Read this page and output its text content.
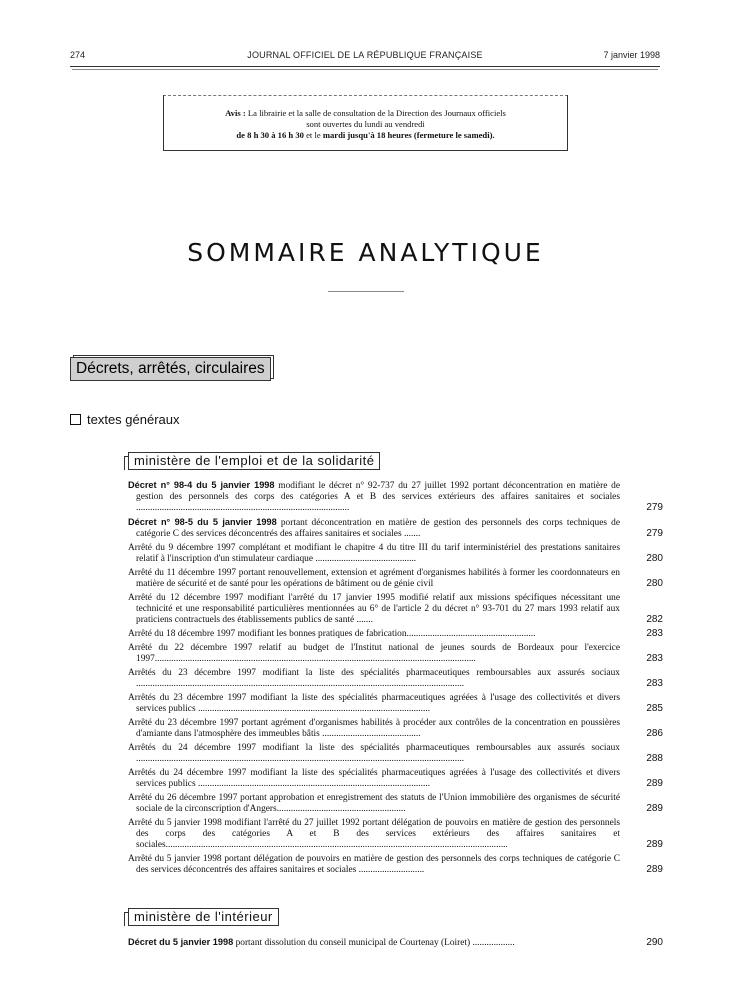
274	JOURNAL OFFICIEL DE LA RÉPUBLIQUE FRANÇAISE	7 janvier 1998
Avis : La librairie et la salle de consultation de la Direction des Journaux officiels
sont ouvertes du lundi au vendredi
de 8 h 30 à 16 h 30 et le mardi jusqu'à 18 heures (fermeture le samedi).
SOMMAIRE ANALYTIQUE
Décrets, arrêtés, circulaires
textes généraux
ministère de l'emploi et de la solidarité
Décret n° 98-4 du 5 janvier 1998 modifiant le décret n° 92-737 du 27 juillet 1992 portant déconcentration en matière de gestion des personnels des corps des catégories A et B des services extérieurs des affaires sanitaires et sociales ...........................................................................................	279
Décret n° 98-5 du 5 janvier 1998 portant déconcentration en matière de gestion des personnels des corps techniques de catégorie C des services déconcentrés des affaires sanitaires et sociales .......	279
Arrêté du 9 décembre 1997 complétant et modifiant le chapitre 4 du titre III du tarif interministériel des prestations sanitaires relatif à l'inscription d'un stimulateur cardiaque ...........................................	280
Arrêté du 11 décembre 1997 portant renouvellement, extension et agrément d'organismes habilités à former les coordonnateurs en matière de sécurité et de santé pour les opérations de bâtiment ou de génie civil	280
Arrêté du 12 décembre 1997 modifiant l'arrêté du 17 janvier 1995 modifié relatif aux missions spécifiques nécessitant une technicité et une responsabilité particulières mentionnées au 6° de l'article 2 du décret n° 93-701 du 27 mars 1993 relatif aux praticiens contractuels des établissements publics de santé .......	282
Arrêté du 18 décembre 1997 modifiant les bonnes pratiques de fabrication.......................................................	283
Arrêté du 22 décembre 1997 relatif au budget de l'Institut national de jeunes sourds de Bordeaux pour l'exercice 1997.........................................................................................................................................	283
Arrêtés du 23 décembre 1997 modifiant la liste des spécialités pharmaceutiques remboursables aux assurés sociaux ............................................................................................................................................	283
Arrêtés du 23 décembre 1997 modifiant la liste des spécialités pharmaceutiques agréées à l'usage des collectivités et divers services publics ...................................................................................................	285
Arrêté du 23 décembre 1997 portant agrément d'organismes habilités à procéder aux contrôles de la concentration en poussières d'amiante dans l'atmosphère des immeubles bâtis ..........................................	286
Arrêtés du 24 décembre 1997 modifiant la liste des spécialités pharmaceutiques remboursables aux assurés sociaux ............................................................................................................................................	288
Arrêtés du 24 décembre 1997 modifiant la liste des spécialités pharmaceutiques agréées à l'usage des collectivités et divers services publics ...................................................................................................	289
Arrêté du 26 décembre 1997 portant approbation et enregistrement des statuts de l'Union immobilière des organismes de sécurité sociale de la circonscription d'Angers.......................................................	289
Arrêté du 5 janvier 1998 modifiant l'arrêté du 27 juillet 1992 portant délégation de pouvoirs en matière de gestion des personnels des corps des catégories A et B des services extérieurs des affaires sanitaires et sociales..................................................................................................................................................	289
Arrêté du 5 janvier 1998 portant délégation de pouvoirs en matière de gestion des personnels des corps techniques de catégorie C des services déconcentrés des affaires sanitaires et sociales ............................	289
ministère de l'intérieur
Décret du 5 janvier 1998 portant dissolution du conseil municipal de Courtenay (Loiret) ..................	290
